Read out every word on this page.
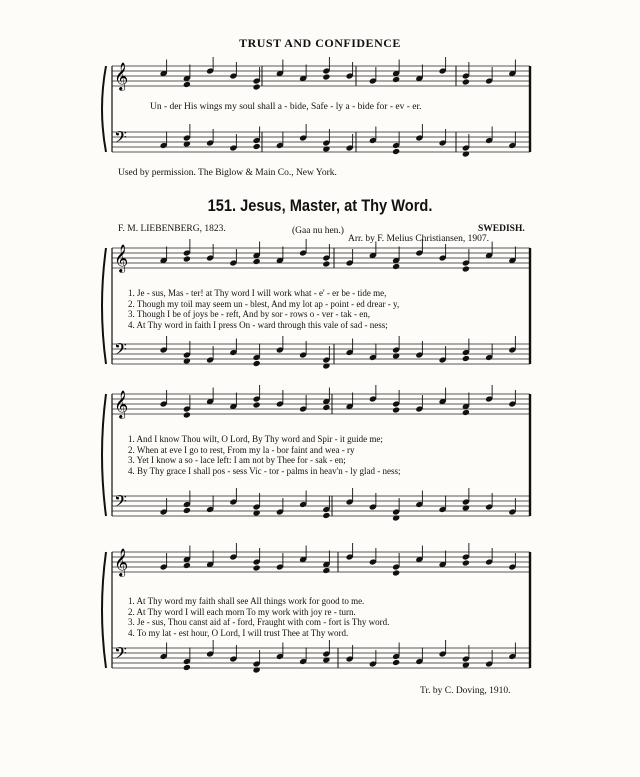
TRUST AND CONFIDENCE
𝄞
𝄢
Un - der His wings my soul shall a - bide, Safe - ly a - bide for - ev - er.
Used by permission. The Biglow & Main Co., New York.
151. Jesus, Master, at Thy Word.
F. M. LIEBENBERG, 1823.	(Gaa nu hen.)	SWEDISH.
Arr. by F. Melius Christiansen, 1907.
𝄞
𝄢
1. Je - sus, Mas - ter! at Thy word I will work what - e' - er be - tide me,
2. Though my toil may seem un - blest, And my lot ap - point - ed drear - y,
3. Though I be of joys be - reft, And by sor - rows o - ver - tak - en,
4. At Thy word in faith I press On - ward through this vale of sad - ness;
𝄞
𝄢
1. And I know Thou wilt, O Lord, By Thy word and Spir - it guide me;
2. When at eve I go to rest, From my la - bor faint and wea - ry
3. Yet I know a so - lace left: I am not by Thee for - sak - en;
4. By Thy grace I shall pos - sess Vic - tor - palms in heav'n - ly glad - ness;
𝄞
𝄢
1. At Thy word my faith shall see All things work for good to me.
2. At Thy word I will each morn To my work with joy re - turn.
3. Je - sus, Thou canst aid af - ford, Fraught with com - fort is Thy word.
4. To my lat - est hour, O Lord, I will trust Thee at Thy word.
Tr. by C. Doving, 1910.
